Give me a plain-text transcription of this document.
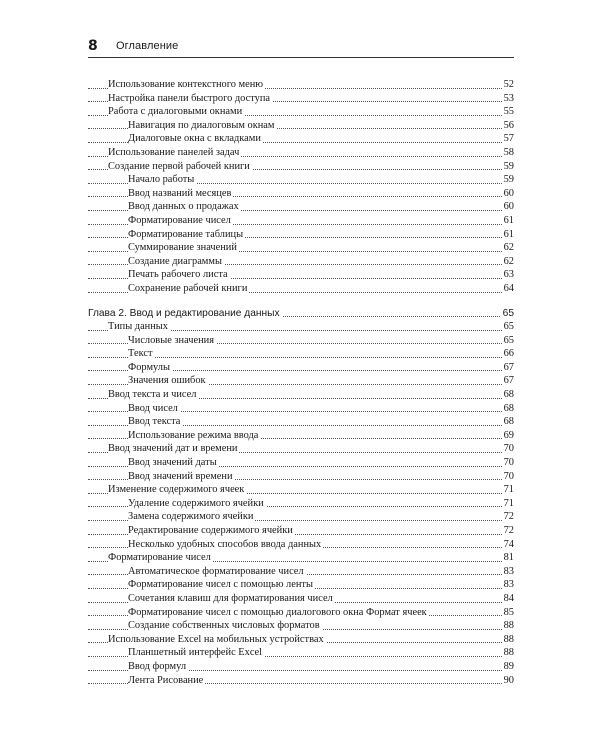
8 Оглавление
Использование контекстного меню	52
Настройка панели быстрого доступа	53
Работа с диалоговыми окнами	55
Навигация по диалоговым окнам	56
Диалоговые окна с вкладками	57
Использование панелей задач	58
Создание первой рабочей книги	59
Начало работы	59
Ввод названий месяцев	60
Ввод данных о продажах	60
Форматирование чисел	61
Форматирование таблицы	61
Суммирование значений	62
Создание диаграммы	62
Печать рабочего листа	63
Сохранение рабочей книги	64
Глава 2. Ввод и редактирование данных	65
Типы данных	65
Числовые значения	65
Текст	66
Формулы	67
Значения ошибок	67
Ввод текста и чисел	68
Ввод чисел	68
Ввод текста	68
Использование режима ввода	69
Ввод значений дат и времени	70
Ввод значений даты	70
Ввод значений времени	70
Изменение содержимого ячеек	71
Удаление содержимого ячейки	71
Замена содержимого ячейки	72
Редактирование содержимого ячейки	72
Несколько удобных способов ввода данных	74
Форматирование чисел	81
Автоматическое форматирование чисел	83
Форматирование чисел с помощью ленты	83
Сочетания клавиш для форматирования чисел	84
Форматирование чисел с помощью диалогового окна Формат ячеек	85
Создание собственных числовых форматов	88
Использование Excel на мобильных устройствах	88
Планшетный интерфейс Excel	88
Ввод формул	89
Лента Рисование	90
